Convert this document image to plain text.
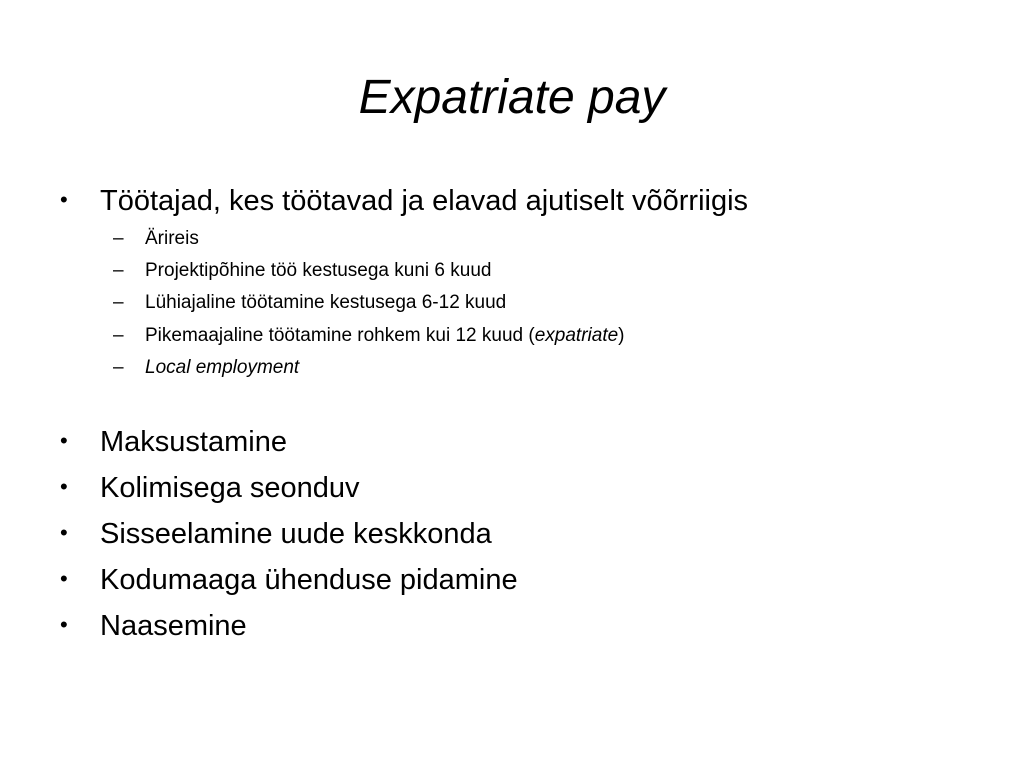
Expatriate pay
• Töötajad, kes töötavad ja elavad ajutiselt võõrriigis
– Ärireis
– Projektipõhine töö kestusega kuni 6 kuud
– Lühiajaline töötamine kestusega 6-12 kuud
– Pikemaajaline töötamine rohkem kui 12 kuud (expatriate)
– Local employment
• Maksustamine
• Kolimisega seonduv
• Sisseelamine uude keskkonda
• Kodumaaga ühenduse pidamine
• Naasemine
